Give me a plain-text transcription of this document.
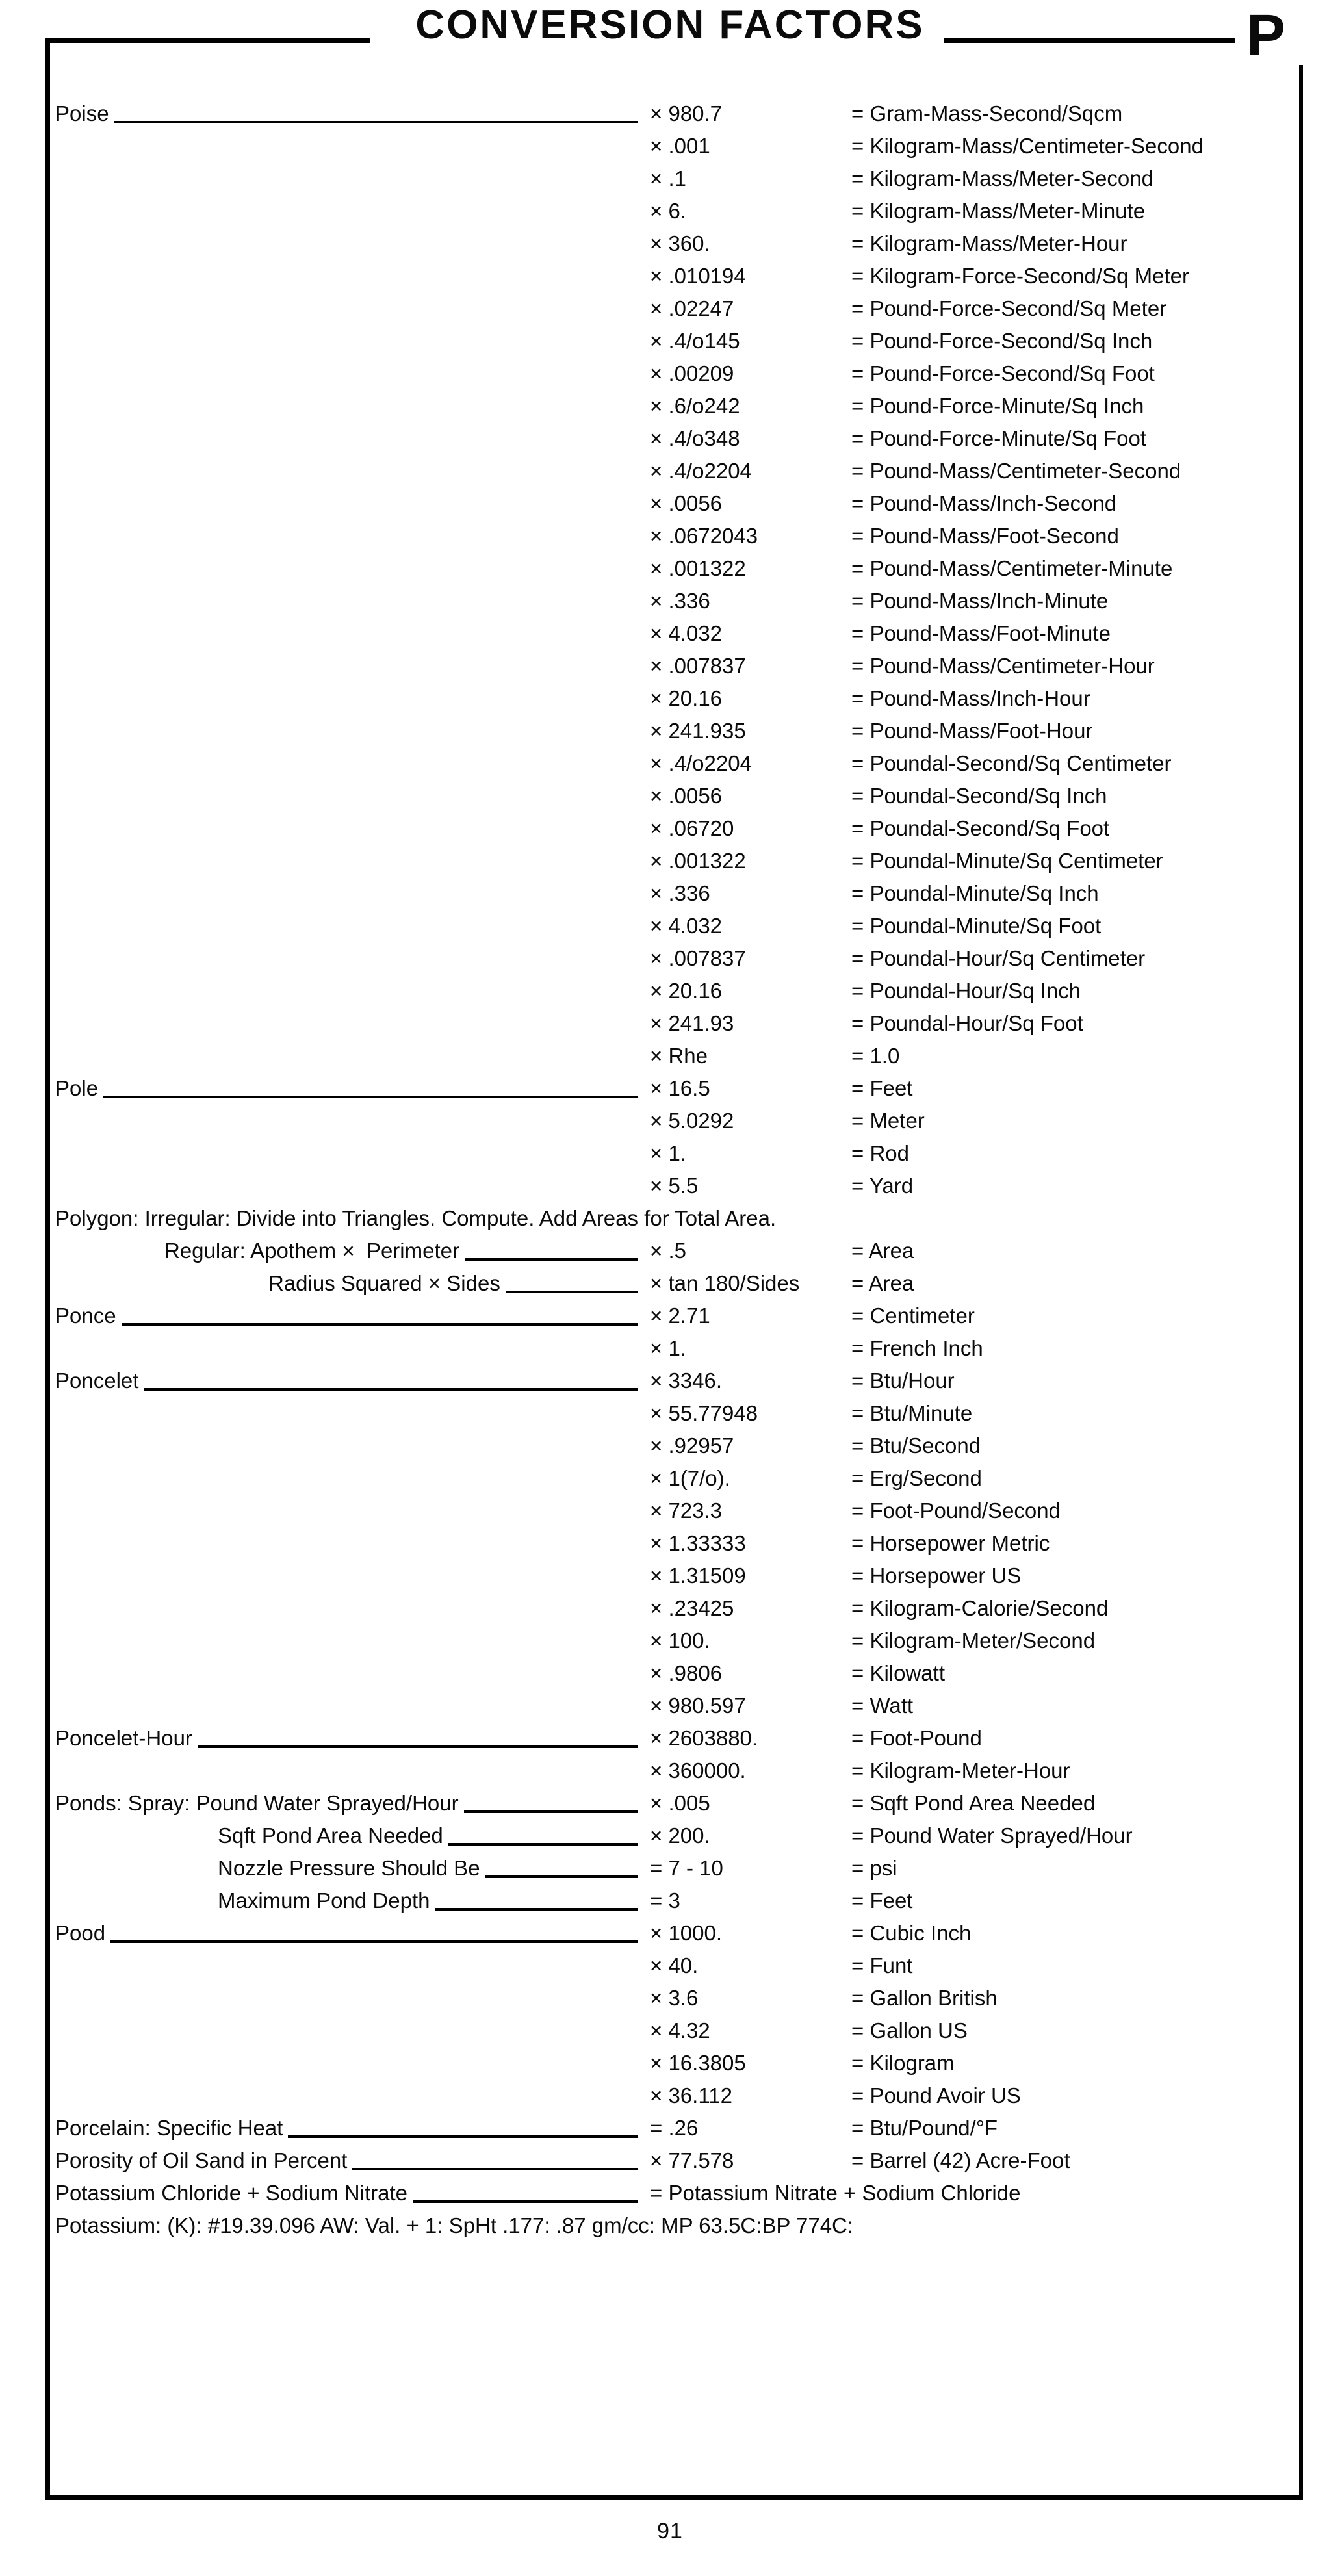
CONVERSION FACTORS	P
Poise	× 980.7	= Gram-Mass-Second/Sqcm
× .001	= Kilogram-Mass/Centimeter-Second
× .1	= Kilogram-Mass/Meter-Second
× 6.	= Kilogram-Mass/Meter-Minute
× 360.	= Kilogram-Mass/Meter-Hour
× .010194	= Kilogram-Force-Second/Sq Meter
× .02247	= Pound-Force-Second/Sq Meter
× .4/o145	= Pound-Force-Second/Sq Inch
× .00209	= Pound-Force-Second/Sq Foot
× .6/o242	= Pound-Force-Minute/Sq Inch
× .4/o348	= Pound-Force-Minute/Sq Foot
× .4/o2204	= Pound-Mass/Centimeter-Second
× .0056	= Pound-Mass/Inch-Second
× .0672043	= Pound-Mass/Foot-Second
× .001322	= Pound-Mass/Centimeter-Minute
× .336	= Pound-Mass/Inch-Minute
× 4.032	= Pound-Mass/Foot-Minute
× .007837	= Pound-Mass/Centimeter-Hour
× 20.16	= Pound-Mass/Inch-Hour
× 241.935	= Pound-Mass/Foot-Hour
× .4/o2204	= Poundal-Second/Sq Centimeter
× .0056	= Poundal-Second/Sq Inch
× .06720	= Poundal-Second/Sq Foot
× .001322	= Poundal-Minute/Sq Centimeter
× .336	= Poundal-Minute/Sq Inch
× 4.032	= Poundal-Minute/Sq Foot
× .007837	= Poundal-Hour/Sq Centimeter
× 20.16	= Poundal-Hour/Sq Inch
× 241.93	= Poundal-Hour/Sq Foot
× Rhe	= 1.0
Pole	× 16.5	= Feet
× 5.0292	= Meter
× 1.	= Rod
× 5.5	= Yard
Polygon: Irregular: Divide into Triangles. Compute. Add Areas for Total Area.
Regular: Apothem ×  Perimeter	× .5	= Area
Radius Squared × Sides	× tan 180/Sides = Area
Ponce	× 2.71	= Centimeter
× 1.	= French Inch
Poncelet	× 3346.	= Btu/Hour
× 55.77948	= Btu/Minute
× .92957	= Btu/Second
× 1(7/o).	= Erg/Second
× 723.3	= Foot-Pound/Second
× 1.33333	= Horsepower Metric
× 1.31509	= Horsepower US
× .23425	= Kilogram-Calorie/Second
× 100.	= Kilogram-Meter/Second
× .9806	= Kilowatt
× 980.597	= Watt
Poncelet-Hour	× 2603880.	= Foot-Pound
× 360000.	= Kilogram-Meter-Hour
Ponds: Spray: Pound Water Sprayed/Hour	× .005	= Sqft Pond Area Needed
Sqft Pond Area Needed	× 200.	= Pound Water Sprayed/Hour
Nozzle Pressure Should Be	= 7 - 10	= psi
Maximum Pond Depth	= 3	= Feet
Pood	× 1000.	= Cubic Inch
× 40.	= Funt
× 3.6	= Gallon British
× 4.32	= Gallon US
× 16.3805	= Kilogram
× 36.112	= Pound Avoir US
Porcelain: Specific Heat	= .26	= Btu/Pound/°F
Porosity of Oil Sand in Percent	× 77.578	= Barrel (42) Acre-Foot
Potassium Chloride + Sodium Nitrate	= Potassium Nitrate + Sodium Chloride
Potassium: (K): #19.39.096 AW: Val. + 1: SpHt .177: .87 gm/cc: MP 63.5C:BP 774C:
91
